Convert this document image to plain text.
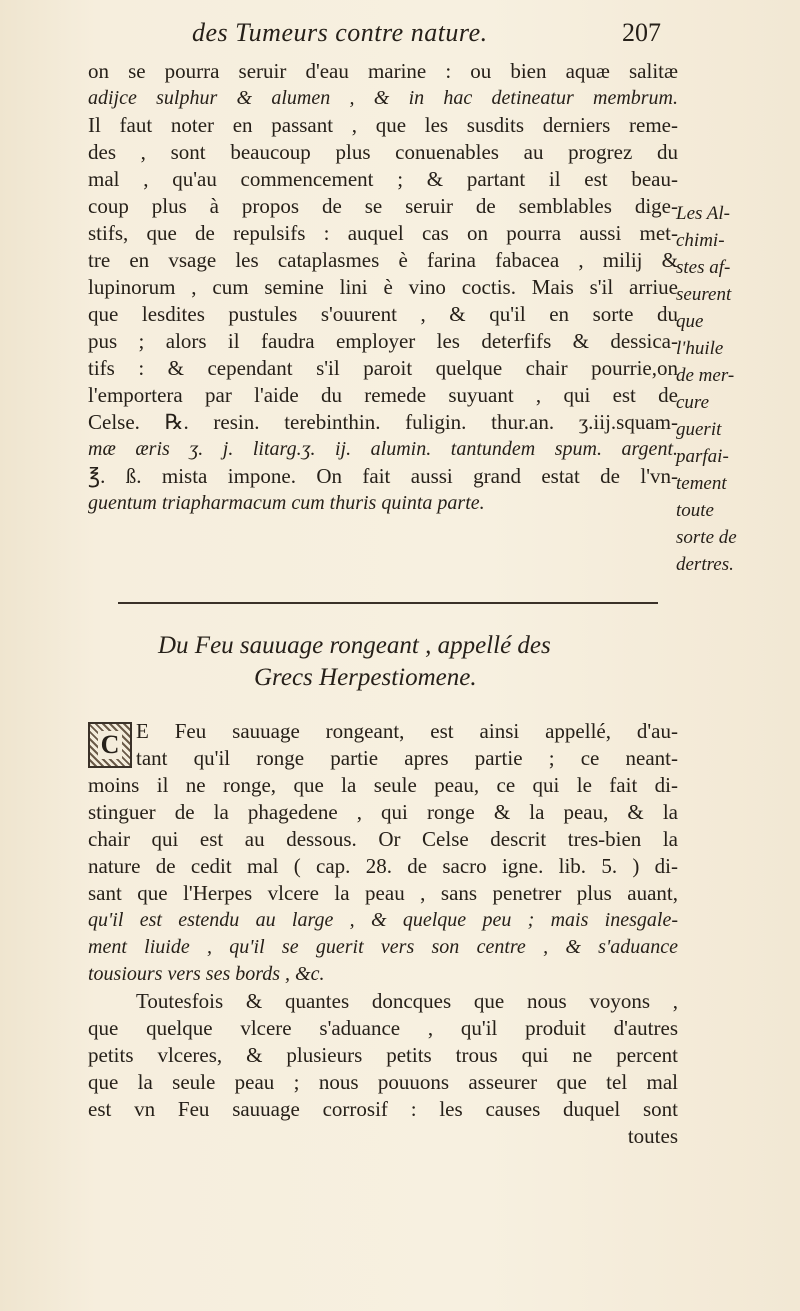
des Tumeurs contre nature.	207
on se pourra seruir d'eau marine : ou bien aquæ salitæ
adijce sulphur & alumen , & in hac detineatur membrum.
Il faut noter en passant , que les susdits derniers reme-
des , sont beaucoup plus conuenables au progrez du
mal , qu'au commencement ; & partant il est beau-
coup plus à propos de se seruir de semblables dige-
stifs, que de repulsifs : auquel cas on pourra aussi met-
tre en vsage les cataplasmes è farina fabacea , milij &
lupinorum , cum semine lini è vino coctis. Mais s'il arriue
que lesdites pustules s'ouurent , & qu'il en sorte du
pus ; alors il faudra employer les deterfifs & dessica-
tifs : & cependant s'il paroit quelque chair pourrie,on
l'emportera par l'aide du remede suyuant , qui est de
Celse. ℞. resin. terebinthin. fuligin. thur.an. ʒ.iij.squam-
mæ æris ʒ. j. litarg.ʒ. ij. alumin. tantundem spum. argent.
℥. ß. mista impone. On fait aussi grand estat de l'vn-
guentum triapharmacum cum thuris quinta parte.
Les Al-
chimi-
stes af-
seurent
que
l'huile
de mer-
cure
guerit
parfai-
tement
toute
sorte de
dertres.
Du Feu sauuage rongeant , appellé des
Grecs Herpestiomene.
C E Feu sauuage rongeant, est ainsi appellé, d'au-
tant qu'il ronge partie apres partie ; ce neant-
moins il ne ronge, que la seule peau, ce qui le fait di-
stinguer de la phagedene , qui ronge & la peau, & la
chair qui est au dessous. Or Celse descrit tres-bien la
nature de cedit mal ( cap. 28. de sacro igne. lib. 5. ) di-
sant que l'Herpes vlcere la peau , sans penetrer plus auant,
qu'il est estendu au large , & quelque peu ; mais inesgale-
ment liuide , qu'il se guerit vers son centre , & s'aduance
tousiours vers ses bords , &c.
Toutesfois & quantes doncques que nous voyons ,
que quelque vlcere s'aduance , qu'il produit d'autres
petits vlceres, & plusieurs petits trous qui ne percent
que la seule peau ; nous pouuons asseurer que tel mal
est vn Feu sauuage corrosif : les causes duquel sont
toutes
